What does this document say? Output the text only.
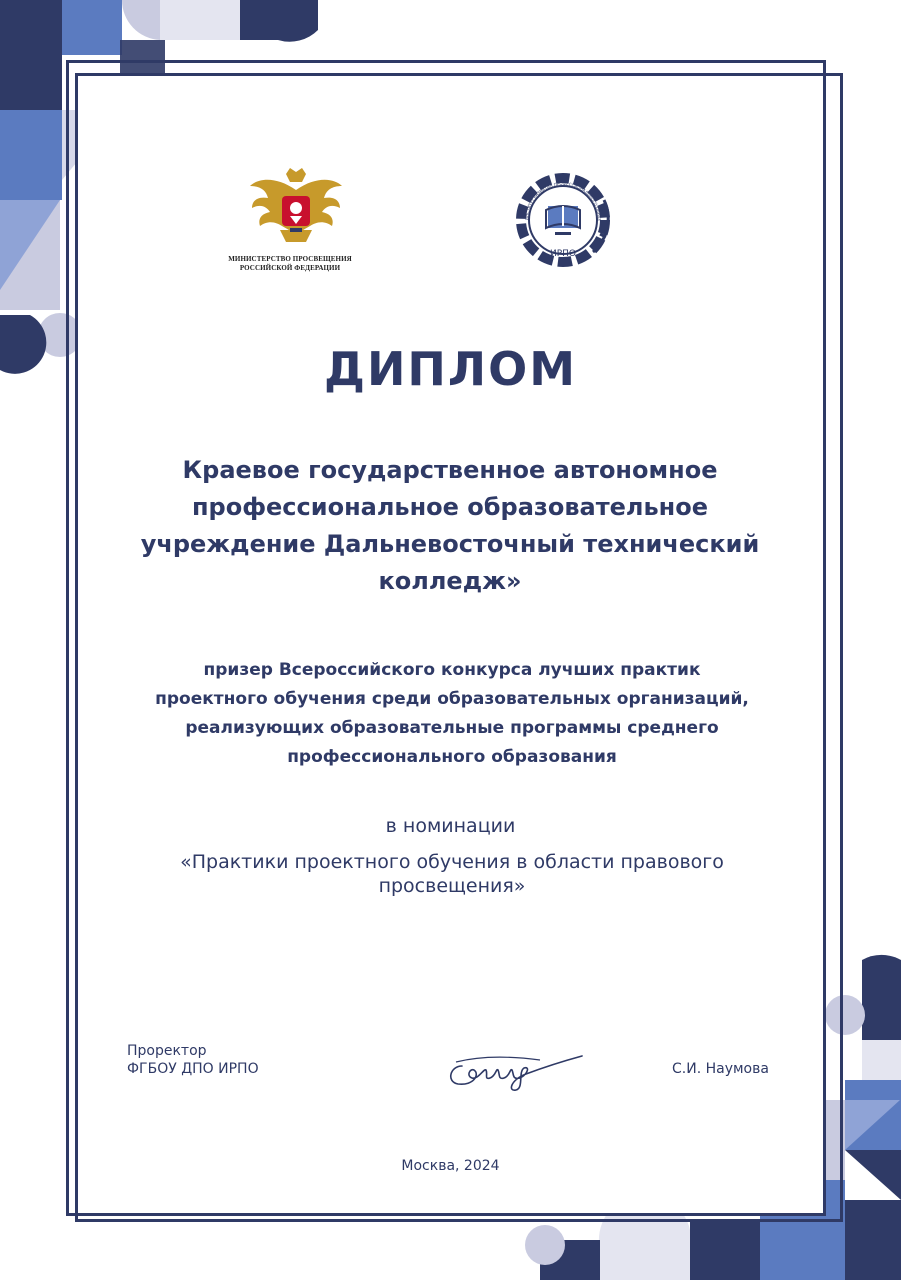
МИНИСТЕРСТВО ПРОСВЕЩЕНИЯ
РОССИЙСКОЙ ФЕДЕРАЦИИ
ИРПО
ИНСТИТУТ РАЗВИТИЯ ПРОФЕССИОНАЛЬНОГО ОБРАЗ
ДИПЛОМ
Краевое государственное автономное
профессиональное образовательное
учреждение Дальневосточный технический
колледж»
призер Всероссийского конкурса лучших практик
проектного обучения среди образовательных организаций,
реализующих образовательные программы среднего
профессионального образования
в номинации
«Практики проектного обучения в области правового
просвещения»
Проректор
ФГБОУ ДПО ИРПО	С.И. Наумова
Москва, 2024
